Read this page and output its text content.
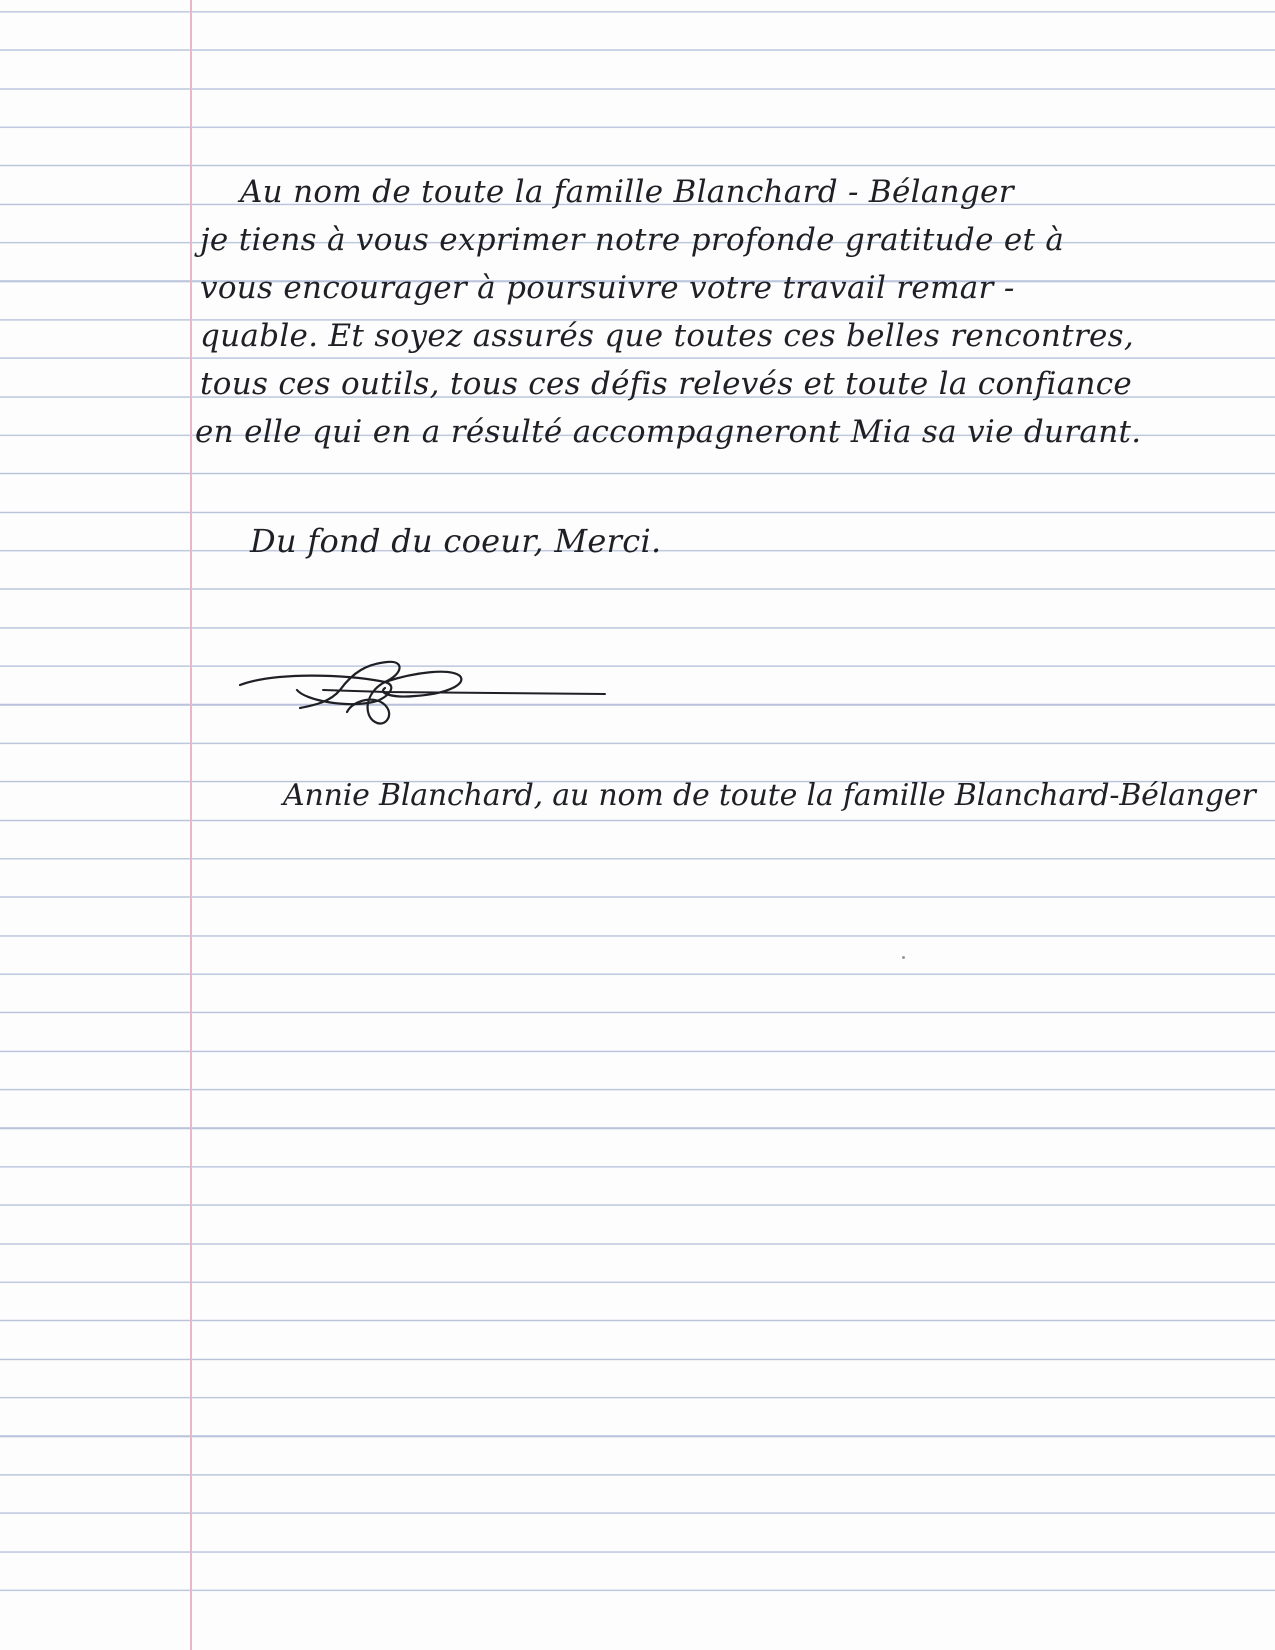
Au nom de toute la famille Blanchard - Bélanger
je tiens à vous exprimer notre profonde gratitude et à
vous encourager à poursuivre votre travail remar -
quable. Et soyez assurés que toutes ces belles rencontres,
tous ces outils, tous ces défis relevés et toute la confiance
en elle qui en a résulté accompagneront Mia sa vie durant.
Du fond du coeur, Merci.
Annie Blanchard, au nom de toute la famille Blanchard-Bélanger
